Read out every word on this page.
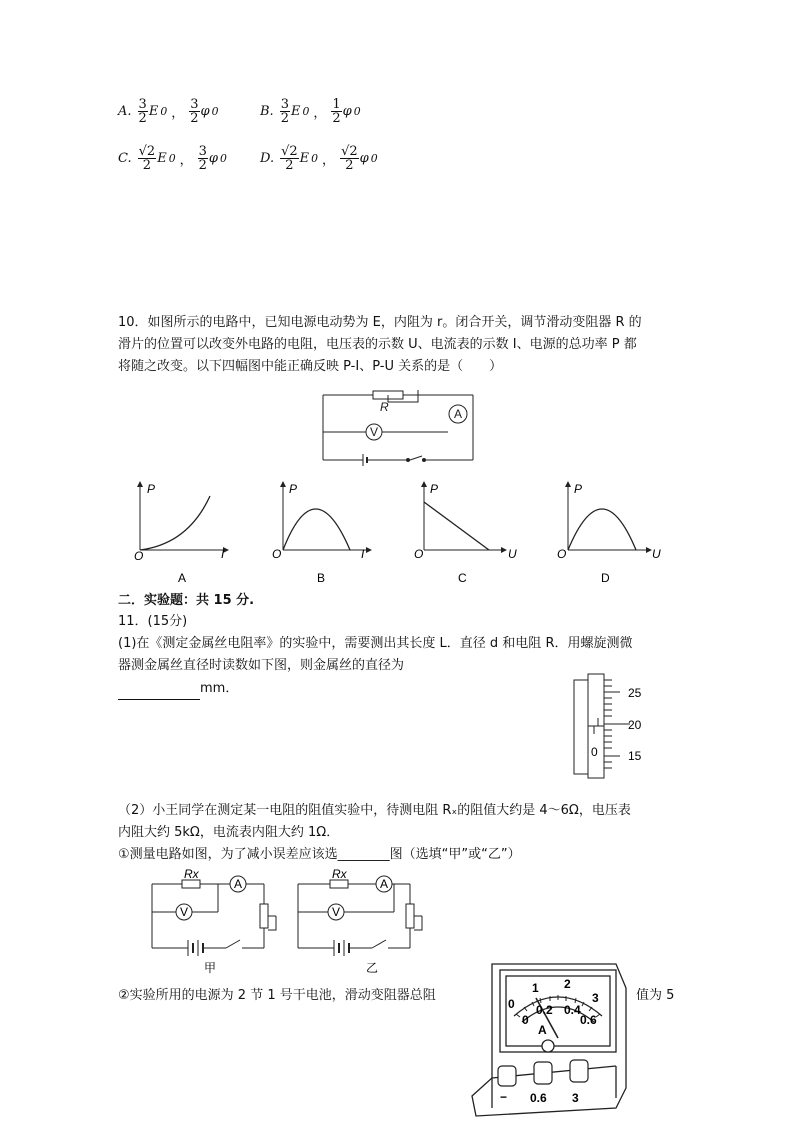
A. $\frac{3}{2}$ E 0 ， $\frac{3}{2}$ φ 0	B. $\frac{3}{2}$ E 0 ， $\frac{1}{2}$ φ 0
C. $\frac{√2}{2}$ E 0 ， $\frac{3}{2}$ φ 0	D. $\frac{√2}{2}$ E 0 ， $\frac{√2}{2}$ φ 0
10．如图所示的电路中，已知电源电动势为 E，内阻为 r。闭合开关，调节滑动变阻器 R 的
滑片的位置可以改变外电路的电阻，电压表的示数 U、电流表的示数 I、电源的总功率 P 都
将随之改变。以下四幅图中能正确反映 P-I、P-U 关系的是（　　）
R	A
V
P
I
O
A
P
I
O
B
P
U
O
C
P
U
O
D
二．实验题：共 15 分.
11．(15分)
(1)在《测定金属丝电阻率》的实验中，需要测出其长度 L．直径 d 和电阻 R．用螺旋测微
器测金属丝直径时读数如下图，则金属丝的直径为
mm．	25
20
15
0
（2）小王同学在测定某一电阻的阻值实验中，待测电阻 Rₓ的阻值大约是 4～6Ω，电压表
内阻大约 5kΩ，电流表内阻大约 1Ω．
①测量电路如图，为了减小误差应该选________图（选填“甲”或“乙”）
Rx
A
V
甲
Rx
A
V
乙
②实验所用的电源为 2 节 1 号干电池，滑动变阻器总阻	值为 5
0
1 2
3
0
0.2 0.4
0.6
A
− 0.6 3
